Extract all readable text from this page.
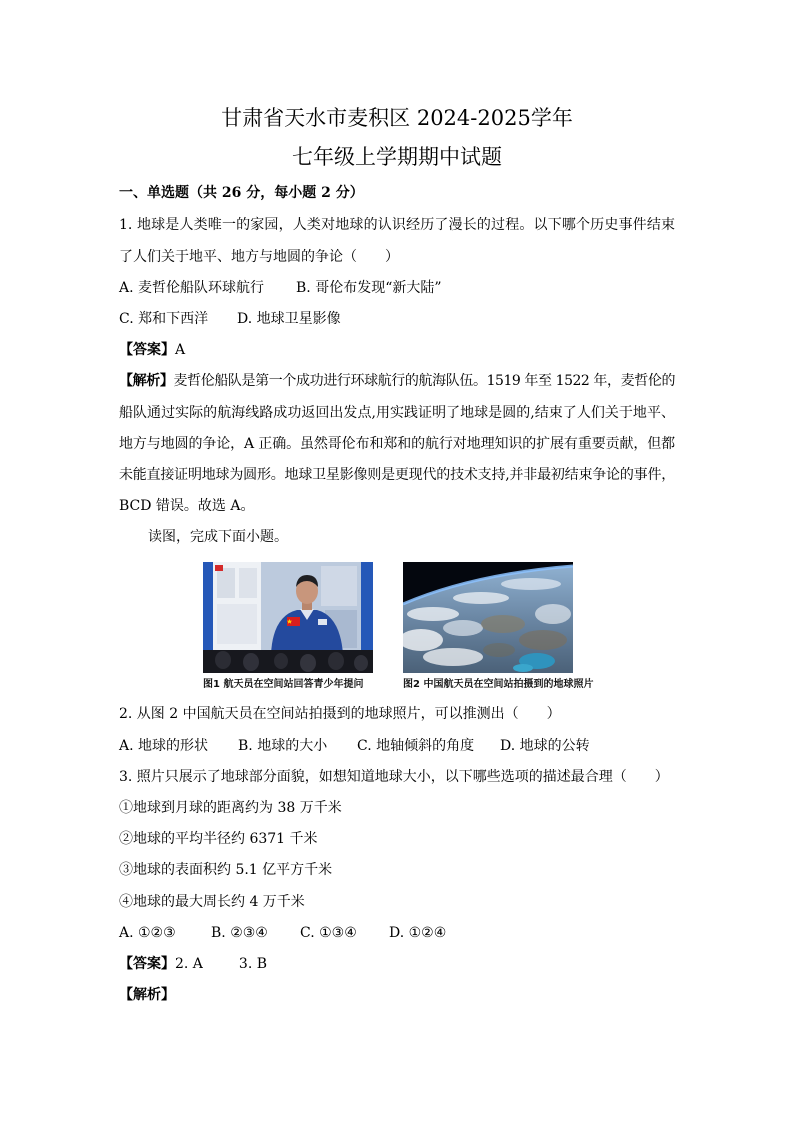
甘肃省天水市麦积区 2024-2025学年
七年级上学期期中试题
一、单选题（共 26 分，每小题 2 分）
1. 地球是人类唯一的家园，人类对地球的认识经历了漫长的过程。以下哪个历史事件结束
了人们关于地平、地方与地圆的争论（　　）
A. 麦哲伦船队环球航行 B. 哥伦布发现“新大陆”
C. 郑和下西洋 D. 地球卫星影像
【答案】A
【解析】麦哲伦船队是第一个成功进行环球航行的航海队伍。1519 年至 1522 年，麦哲伦的
船队通过实际的航海线路成功返回出发点,用实践证明了地球是圆的,结束了人们关于地平、
地方与地圆的争论，A 正确。虽然哥伦布和郑和的航行对地理知识的扩展有重要贡献，但都
未能直接证明地球为圆形。地球卫星影像则是更现代的技术支持,并非最初结束争论的事件，
BCD 错误。故选 A。
读图，完成下面小题。
图1 航天员在空间站回答青少年提问	图2 中国航天员在空间站拍摄到的地球照片
2. 从图 2 中国航天员在空间站拍摄到的地球照片，可以推测出（　　）
A. 地球的形状 B. 地球的大小 C. 地轴倾斜的角度 D. 地球的公转
3. 照片只展示了地球部分面貌，如想知道地球大小，以下哪些选项的描述最合理（　　）
①地球到月球的距离约为 38 万千米
②地球的平均半径约 6371 千米
③地球的表面积约 5.1 亿平方千米
④地球的最大周长约 4 万千米
A. ①②③	B. ②③④ C. ①③④ D. ①②④
【答案】2. A	3. B
【解析】
